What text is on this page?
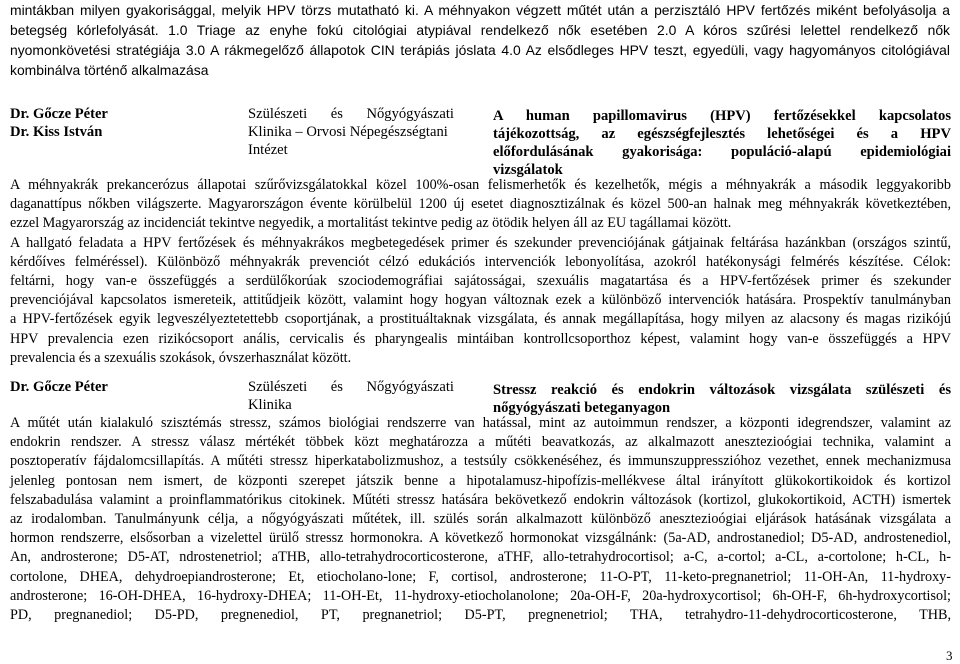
mintákban milyen gyakorisággal, melyik HPV törzs mutatható ki. A méhnyakon végzett műtét után a perzisztáló HPV fertőzés miként befolyásolja a
betegség kórlefolyását. 1.0 Triage az enyhe fokú citológiai atypiával rendelkező nők esetében 2.0 A kóros szűrési lelettel rendelkező nők
nyomonkövetési stratégiája 3.0 A rákmegelőző állapotok CIN terápiás jóslata 4.0 Az elsődleges HPV teszt, egyedüli, vagy hagyományos citológiával
kombinálva történő alkalmazása
Dr. Gőcze Péter
Dr. Kiss István
Szülészeti és Nőgyógyászati
Klinika – Orvosi Népegészségtani
Intézet
A human papillomavirus (HPV) fertőzésekkel kapcsolatos
tájékozottság, az egészségfejlesztés lehetőségei és a HPV
előfordulásának gyakorisága: populáció-alapú epidemiológiai
vizsgálatok
A méhnyakrák prekancerózus állapotai szűrővizsgálatokkal közel 100%-osan felismerhetők és kezelhetők, mégis a méhnyakrák a második leggyakoribb
daganattípus nőkben világszerte. Magyarországon évente körülbelül 1200 új esetet diagnosztizálnak és közel 500-an halnak meg méhnyakrák következtében,
ezzel Magyarország az incidenciát tekintve negyedik, a mortalitást tekintve pedig az ötödik helyen áll az EU tagállamai között.
A hallgató feladata a HPV fertőzések és méhnyakrákos megbetegedések primer és szekunder prevenciójának gátjainak feltárása hazánkban (országos szintű,
kérdőíves felméréssel). Különböző méhnyakrák prevenciót célzó edukációs intervenciók lebonyolítása, azokról hatékonysági felmérés készítése. Célok:
feltárni, hogy van-e összefüggés a serdülőkorúak szociodemográfiai sajátosságai, szexuális magatartása és a HPV-fertőzések primer és szekunder
prevenciójával kapcsolatos ismereteik, attitűdjeik között, valamint hogy hogyan változnak ezek a különböző intervenciók hatására. Prospektív tanulmányban
a HPV-fertőzések egyik legveszélyeztetettebb csoportjának, a prostituáltaknak vizsgálata, és annak megállapítása, hogy milyen az alacsony és magas rizikójú
HPV prevalencia ezen rizikócsoport anális, cervicalis és pharyngealis mintáiban kontrollcsoporthoz képest, valamint hogy van-e összefüggés a HPV
prevalencia és a szexuális szokások, óvszerhasználat között.
Dr. Gőcze Péter	Szülészeti és Nőgyógyászati
Klinika
Stressz reakció és endokrin változások vizsgálata szülészeti és
nőgyógyászati beteganyagon
A műtét után kialakuló szisztémás stressz, számos biológiai rendszerre van hatással, mint az autoimmun rendszer, a központi idegrendszer, valamint az
endokrin rendszer. A stressz válasz mértékét többek közt meghatározza a műtéti beavatkozás, az alkalmazott anesztezioógiai technika, valamint a
posztoperatív fájdalomcsillapítás. A műtéti stressz hiperkatabolizmushoz, a testsúly csökkenéséhez, és immunszuppresszióhoz vezethet, ennek mechanizmusa
jelenleg pontosan nem ismert, de központi szerepet játszik benne a hipotalamusz-hipofízis-mellékvese által irányított glükokortikoidok és kortizol
felszabadulása valamint a proinflammatórikus citokinek. Műtéti stressz hatására bekövetkező endokrin változások (kortizol, glukokortikoid, ACTH) ismertek
az irodalomban. Tanulmányunk célja, a nőgyógyászati műtétek, ill. szülés során alkalmazott különböző anesztezioógiai eljárások hatásának vizsgálata a
hormon rendszerre, elsősorban a vizelettel ürülő stressz hormonokra. A következő hormonokat vizsgálnánk: (5a-AD, androstanediol; D5-AD, androstenediol,
An, androsterone; D5-AT, ndrostenetriol; aTHB, allo-tetrahydrocorticosterone, aTHF, allo-tetrahydrocortisol; a-C, a-cortol; a-CL, a-cortolone; h-CL, h-
cortolone, DHEA, dehydroepiandrosterone; Et, etiocholano-lone; F, cortisol, androsterone; 11-O-PT, 11-keto-pregnanetriol; 11-OH-An, 11-hydroxy-
androsterone; 16-OH-DHEA, 16-hydroxy-DHEA; 11-OH-Et, 11-hydroxy-etiocholanolone; 20a-OH-F, 20a-hydroxycortisol; 6h-OH-F, 6h-hydroxycortisol;
PD, pregnanediol; D5-PD, pregnenediol, PT, pregnanetriol; D5-PT, pregnenetriol; THA, tetrahydro-11-dehydrocorticosterone, THB,
3
